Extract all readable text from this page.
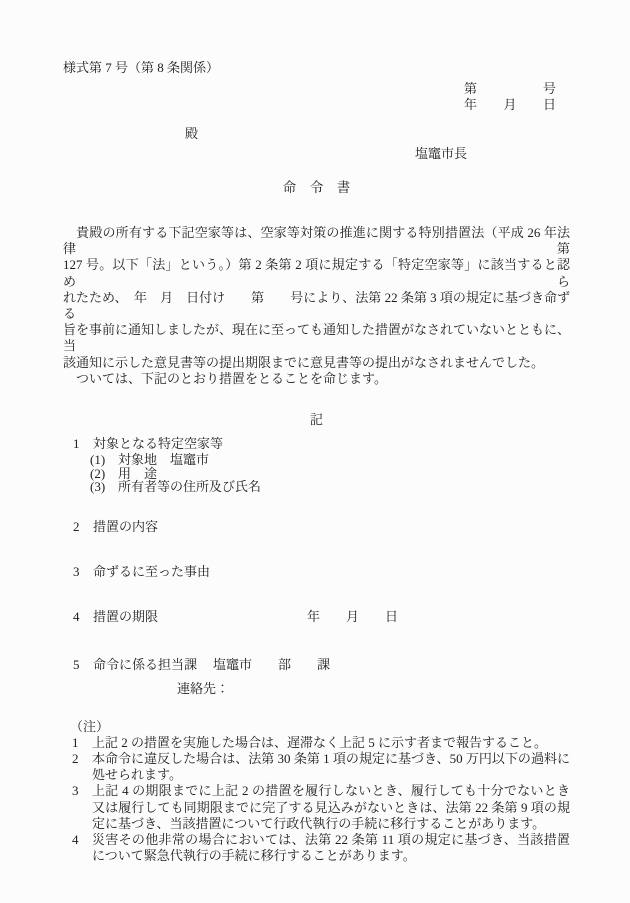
様式第 7 号（第 8 条関係）
第	号
年 月 日
殿
塩竈市長
命　令　書
　貴殿の所有する下記空家等は、空家等対策の推進に関する特別措置法（平成 26 年法律第
127 号。以下「法」という。）第 2 条第 2 項に規定する「特定空家等」に該当すると認めら
れたため、　年　月　日付け　　第　　号により、法第 22 条第 3 項の規定に基づき命ずる
旨を事前に通知しましたが、現在に至っても通知した措置がなされていないとともに、当
該通知に示した意見書等の提出期限までに意見書等の提出がなされませんでした。
　ついては、下記のとおり措置をとることを命じます。
記
1	対象となる特定空家等
(1) 対象地　塩竈市
(2) 用　途
(3) 所有者等の住所及び氏名
2	措置の内容
3	命ずるに至った事由
4	措置の期限	年　　月　　日
5	命令に係る担当課 塩竈市　　部　　課
連絡先：
（注）
1	上記 2 の措置を実施した場合は、遅滞なく上記 5 に示す者まで報告すること。
2	本命令に違反した場合は、法第 30 条第 1 項の規定に基づき、50 万円以下の過料に処せられます。
3	上記 4 の期限までに上記 2 の措置を履行しないとき、履行しても十分でないとき又は履行しても同期限までに完了する見込みがないときは、法第 22 条第 9 項の規定に基づき、当該措置について行政代執行の手続に移行することがあります。
4	災害その他非常の場合においては、法第 22 条第 11 項の規定に基づき、当該措置について緊急代執行の手続に移行することがあります。
